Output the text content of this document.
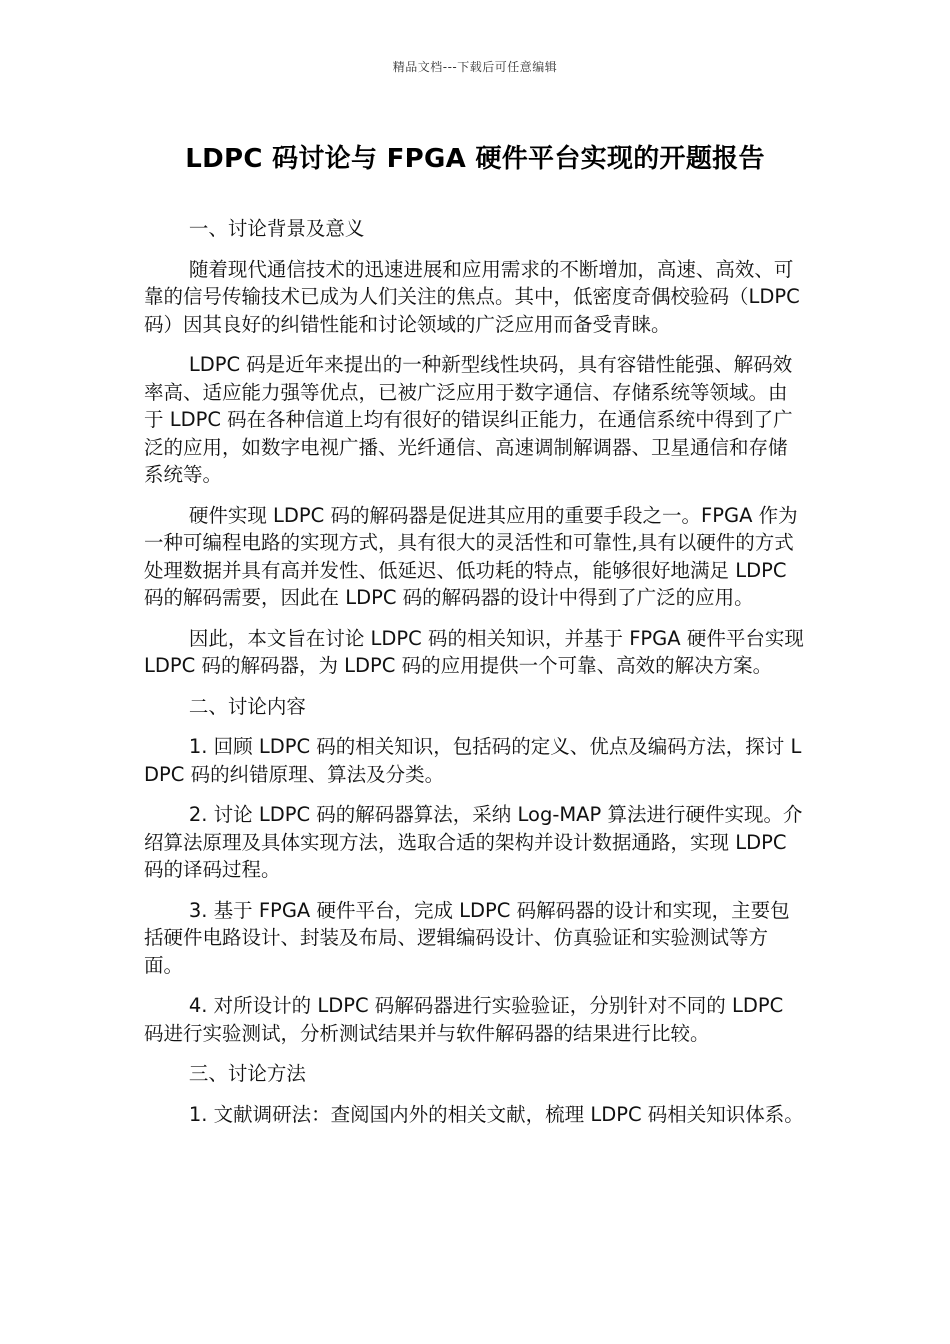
精品文档---下载后可任意编辑
LDPC 码讨论与 FPGA 硬件平台实现的开题报告

一、讨论背景及意义

随着现代通信技术的迅速进展和应用需求的不断增加，高速、高效、可靠的信号传输技术已成为人们关注的焦点。其中，低密度奇偶校验码（LDPC 码）因其良好的纠错性能和讨论领域的广泛应用而备受青睐。

LDPC 码是近年来提出的一种新型线性块码，具有容错性能强、解码效率高、适应能力强等优点，已被广泛应用于数字通信、存储系统等领域。由于 LDPC 码在各种信道上均有很好的错误纠正能力，在通信系统中得到了广泛的应用，如数字电视广播、光纤通信、高速调制解调器、卫星通信和存储系统等。

硬件实现 LDPC 码的解码器是促进其应用的重要手段之一。FPGA 作为一种可编程电路的实现方式，具有很大的灵活性和可靠性,具有以硬件的方式处理数据并具有高并发性、低延迟、低功耗的特点，能够很好地满足 LDPC 码的解码需要，因此在 LDPC 码的解码器的设计中得到了广泛的应用。

因此，本文旨在讨论 LDPC 码的相关知识，并基于 FPGA 硬件平台实现 LDPC 码的解码器，为 LDPC 码的应用提供一个可靠、高效的解决方案。

二、讨论内容

1. 回顾 LDPC 码的相关知识，包括码的定义、优点及编码方法，探讨 LDPC 码的纠错原理、算法及分类。

2. 讨论 LDPC 码的解码器算法，采纳 Log-MAP 算法进行硬件实现。介绍算法原理及具体实现方法，选取合适的架构并设计数据通路，实现 LDPC 码的译码过程。

3. 基于 FPGA 硬件平台，完成 LDPC 码解码器的设计和实现，主要包括硬件电路设计、封装及布局、逻辑编码设计、仿真验证和实验测试等方面。

4. 对所设计的 LDPC 码解码器进行实验验证，分别针对不同的 LDPC 码进行实验测试，分析测试结果并与软件解码器的结果进行比较。

三、讨论方法

1. 文献调研法：查阅国内外的相关文献，梳理 LDPC 码相关知识体系。
